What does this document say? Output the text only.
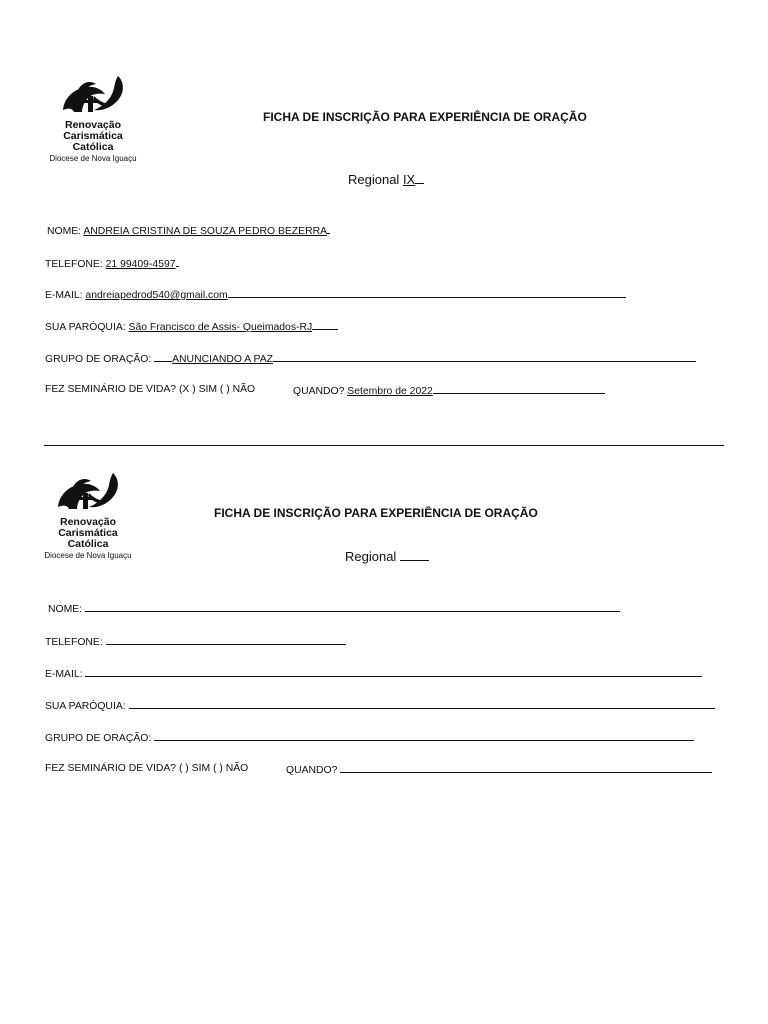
Renovação
Carismática
Católica
Diocese de Nova Iguaçu
FICHA DE INSCRIÇÃO PARA EXPERIÊNCIA DE ORAÇÃO
Regional IX
NOME: ANDREIA CRISTINA DE SOUZA PEDRO BEZERRA
TELEFONE: 21 99409-4597
E-MAIL: andreiapedrod540@gmail.com
SUA PARÓQUIA: São Francisco de Assis- Queimados-RJ
GRUPO DE ORAÇÃO: ANUNCIANDO A PAZ
FEZ SEMINÁRIO DE VIDA? (X ) SIM ( ) NÃO	QUANDO? Setembro de 2022
Renovação
Carismática
Católica
Diocese de Nova Iguaçu
FICHA DE INSCRIÇÃO PARA EXPERIÊNCIA DE ORAÇÃO
Regional
NOME:
TELEFONE:
E-MAIL:
SUA PARÓQUIA:
GRUPO DE ORAÇÃO:
FEZ SEMINÁRIO DE VIDA? ( ) SIM ( ) NÃO	QUANDO?
